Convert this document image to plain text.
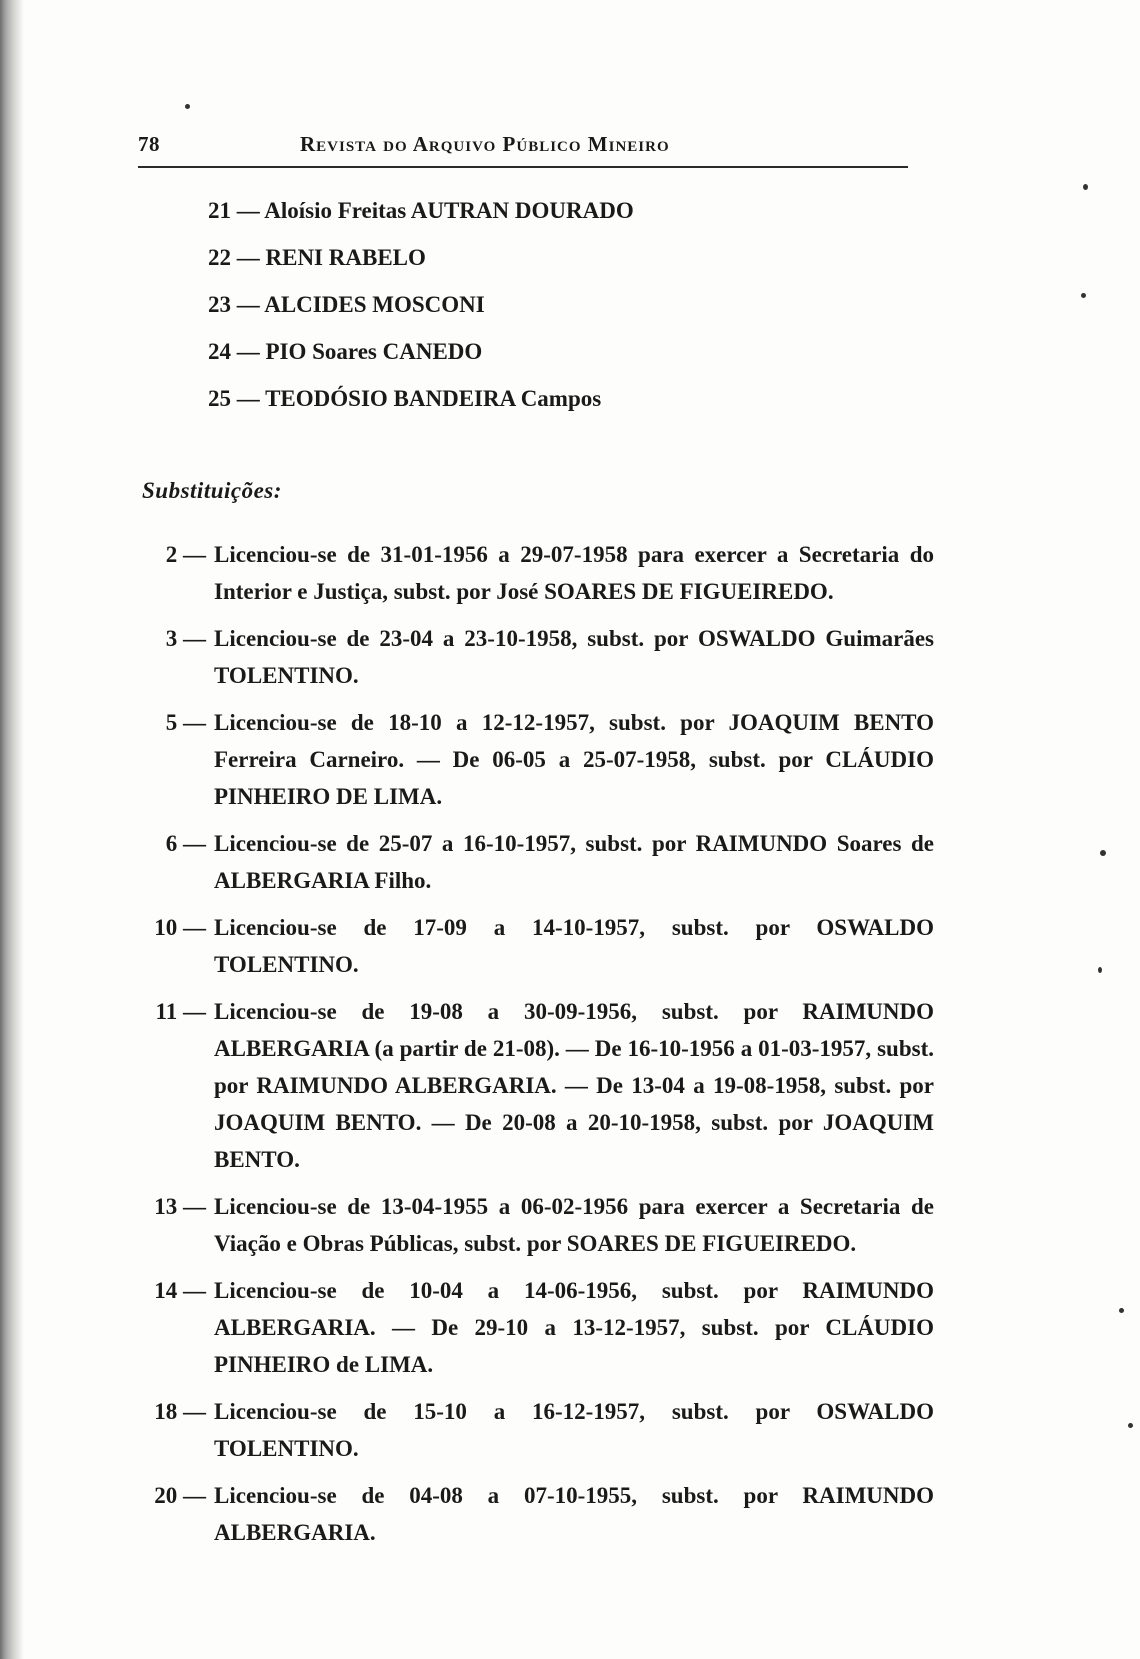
78	Revista do Arquivo Público Mineiro
21 — Aloísio Freitas AUTRAN DOURADO
22 — RENI RABELO
23 — ALCIDES MOSCONI
24 — PIO Soares CANEDO
25 — TEODÓSIO BANDEIRA Campos
Substituições:
2 — Licenciou-se de 31-01-1956 a 29-07-1958 para exercer a Secretaria do Interior e Justiça, subst. por José SOARES DE FIGUEIREDO.
3 — Licenciou-se de 23-04 a 23-10-1958, subst. por OSWALDO Guimarães TOLENTINO.
5 — Licenciou-se de 18-10 a 12-12-1957, subst. por JOAQUIM BENTO Ferreira Carneiro. — De 06-05 a 25-07-1958, subst. por CLÁUDIO PINHEIRO DE LIMA.
6 — Licenciou-se de 25-07 a 16-10-1957, subst. por RAIMUNDO Soares de ALBERGARIA Filho.
10 — Licenciou-se de 17-09 a 14-10-1957, subst. por OSWALDO TOLENTINO.
11 — Licenciou-se de 19-08 a 30-09-1956, subst. por RAIMUNDO ALBERGARIA (a partir de 21-08). — De 16-10-1956 a 01-03-1957, subst. por RAIMUNDO ALBERGARIA. — De 13-04 a 19-08-1958, subst. por JOAQUIM BENTO. — De 20-08 a 20-10-1958, subst. por JOAQUIM BENTO.
13 — Licenciou-se de 13-04-1955 a 06-02-1956 para exercer a Secretaria de Viação e Obras Públicas, subst. por SOARES DE FIGUEIREDO.
14 — Licenciou-se de 10-04 a 14-06-1956, subst. por RAIMUNDO ALBERGARIA. — De 29-10 a 13-12-1957, subst. por CLÁUDIO PINHEIRO de LIMA.
18 — Licenciou-se de 15-10 a 16-12-1957, subst. por OSWALDO TOLENTINO.
20 — Licenciou-se de 04-08 a 07-10-1955, subst. por RAIMUNDO ALBERGARIA.
